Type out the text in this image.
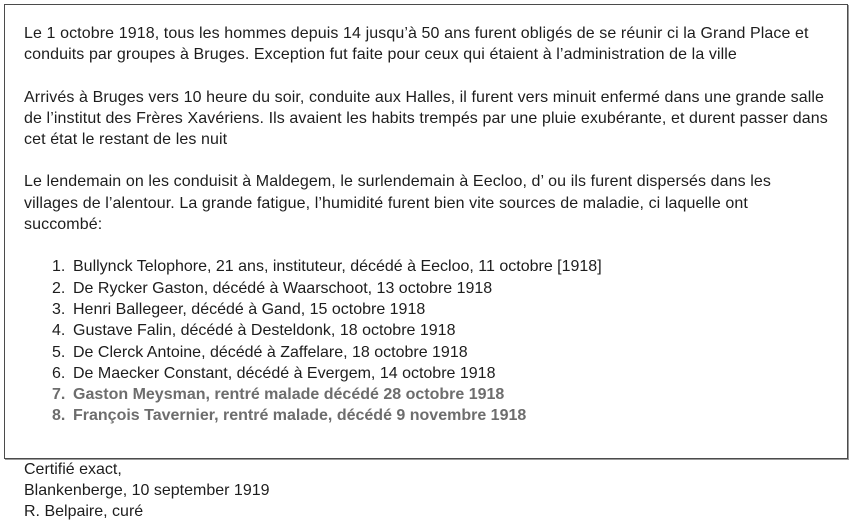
Le 1 octobre 1918, tous les hommes depuis 14 jusqu’à 50 ans furent obligés de se réunir ci la Grand Place et conduits par groupes à Bruges. Exception fut faite pour ceux qui étaient à l’administration de la ville

Arrivés à Bruges vers 10 heure du soir, conduite aux Halles, il furent vers minuit enfermé dans une grande salle de l’institut des Frères Xavériens. Ils avaient les habits trempés par une pluie exubérante, et durent passer dans cet état le restant de les nuit

Le lendemain on les conduisit à Maldegem, le surlendemain à Eecloo, d’ ou ils furent dispersés dans les villages de l’alentour. La grande fatigue, l’humidité furent bien vite sources de maladie, ci laquelle ont succombé:

1. Bullynck Telophore, 21 ans, instituteur, décédé à Eecloo, 11 octobre [1918]
2. De Rycker Gaston, décédé à Waarschoot, 13 octobre 1918
3. Henri Ballegeer, décédé à Gand, 15 octobre 1918
4. Gustave Falin, décédé à Desteldonk, 18 octobre 1918
5. De Clerck Antoine, décédé à Zaffelare, 18 octobre 1918
6. De Maecker Constant, décédé à Evergem, 14 octobre 1918
7. Gaston Meysman, rentré malade décédé 28 octobre 1918
8. François Tavernier, rentré malade, décédé 9 novembre 1918

Certifié exact,

Blankenberge, 10 september 1919

R. Belpaire, curé
